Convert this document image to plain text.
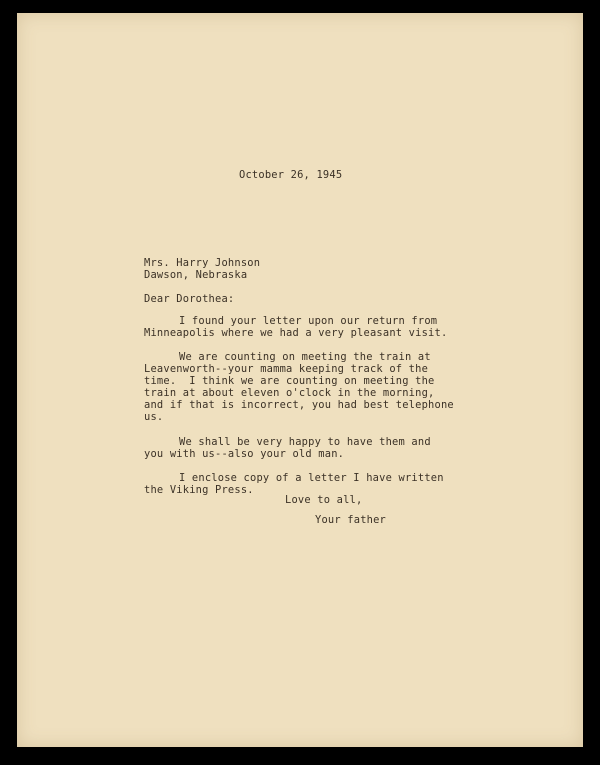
October 26, 1945
Mrs. Harry Johnson
Dawson, Nebraska
Dear Dorothea:
I found your letter upon our return from
Minneapolis where we had a very pleasant visit.
We are counting on meeting the train at
Leavenworth--your mamma keeping track of the
time.  I think we are counting on meeting the
train at about eleven o'clock in the morning,
and if that is incorrect, you had best telephone
us.
We shall be very happy to have them and
you with us--also your old man.
I enclose copy of a letter I have written
the Viking Press.
Love to all,
Your father
